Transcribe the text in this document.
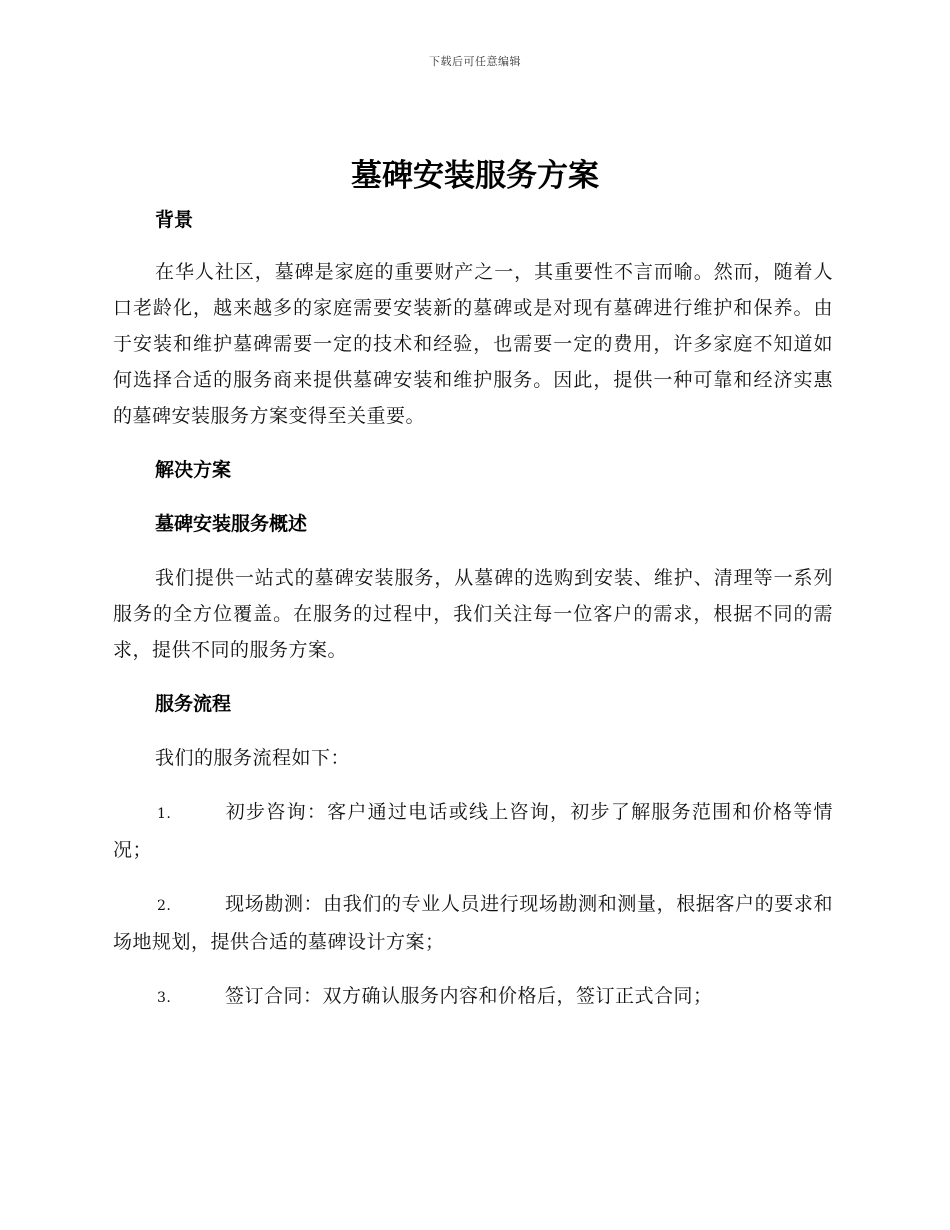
下载后可任意编辑
墓碑安装服务方案

背景

在华人社区，墓碑是家庭的重要财产之一，其重要性不言而喻。然而，随着人口老龄化，越来越多的家庭需要安装新的墓碑或是对现有墓碑进行维护和保养。由于安装和维护墓碑需要一定的技术和经验，也需要一定的费用，许多家庭不知道如何选择合适的服务商来提供墓碑安装和维护服务。因此，提供一种可靠和经济实惠的墓碑安装服务方案变得至关重要。

解决方案

墓碑安装服务概述

我们提供一站式的墓碑安装服务，从墓碑的选购到安装、维护、清理等一系列服务的全方位覆盖。在服务的过程中，我们关注每一位客户的需求，根据不同的需求，提供不同的服务方案。

服务流程

我们的服务流程如下：

1.	初步咨询：客户通过电话或线上咨询，初步了解服务范围和价格等情况；

2.	现场勘测：由我们的专业人员进行现场勘测和测量，根据客户的要求和场地规划，提供合适的墓碑设计方案；

3.	签订合同：双方确认服务内容和价格后，签订正式合同；
